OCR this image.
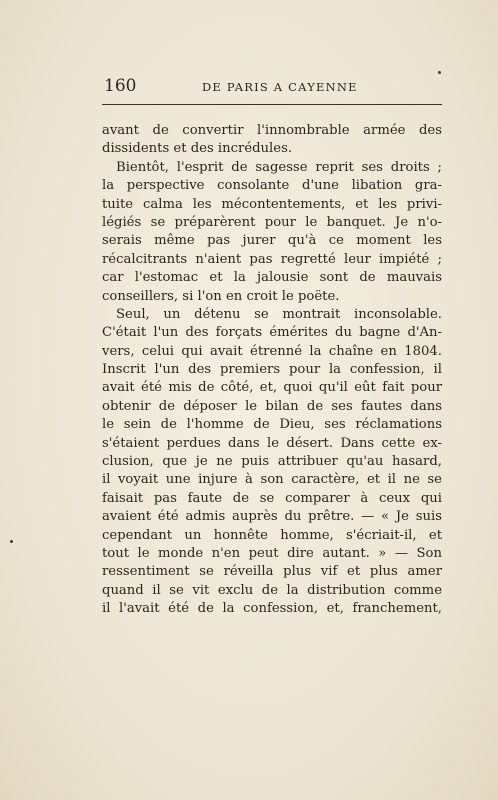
160	DE PARIS A CAYENNE
avant de convertir l'innombrable armée des
dissidents et des incrédules.
Bientôt, l'esprit de sagesse reprit ses droits ;
la perspective consolante d'une libation gra-
tuite calma les mécontentements, et les privi-
légiés se préparèrent pour le banquet. Je n'o-
serais même pas jurer qu'à ce moment les
récalcitrants n'aient pas regretté leur impiété ;
car l'estomac et la jalousie sont de mauvais
conseillers, si l'on en croit le poëte.
Seul, un détenu se montrait inconsolable.
C'était l'un des forçats émérites du bagne d'An-
vers, celui qui avait étrenné la chaîne en 1804.
Inscrit l'un des premiers pour la confession, il
avait été mis de côté, et, quoi qu'il eût fait pour
obtenir de déposer le bilan de ses fautes dans
le sein de l'homme de Dieu, ses réclamations
s'étaient perdues dans le désert. Dans cette ex-
clusion, que je ne puis attribuer qu'au hasard,
il voyait une injure à son caractère, et il ne se
faisait pas faute de se comparer à ceux qui
avaient été admis auprès du prêtre. — « Je suis
cependant un honnête homme, s'écriait-il, et
tout le monde n'en peut dire autant. » — Son
ressentiment se réveilla plus vif et plus amer
quand il se vit exclu de la distribution comme
il l'avait été de la confession, et, franchement,
